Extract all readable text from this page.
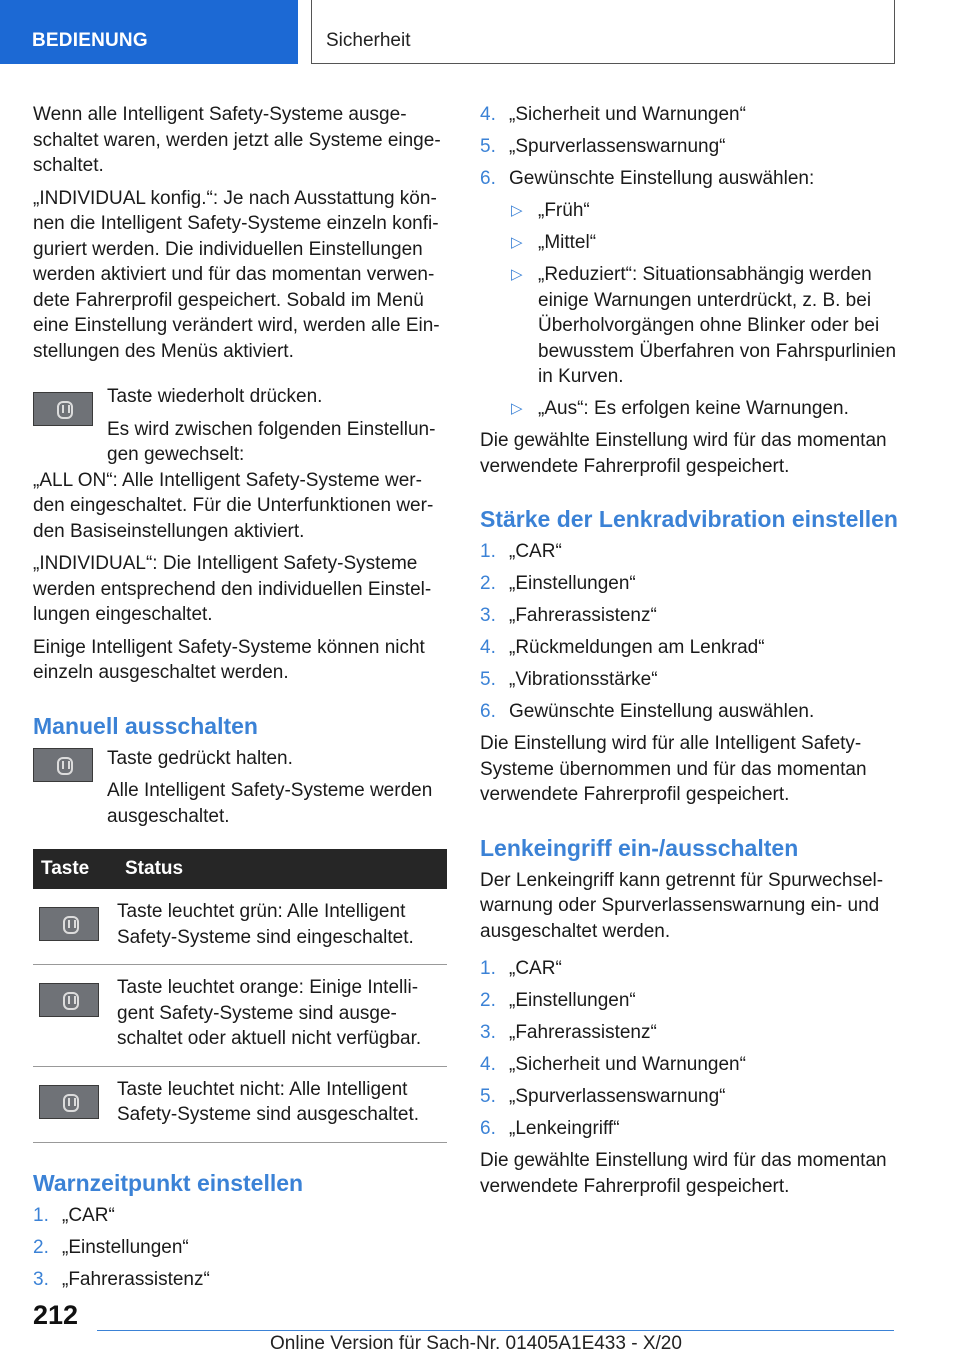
BEDIENUNG	Sicherheit

Wenn alle Intelligent Safety-Systeme ausgeschaltet waren, werden jetzt alle Systeme eingeschaltet.

„INDIVIDUAL konfig.“: Je nach Ausstattung können die Intelligent Safety-Systeme einzeln konfiguriert werden. Die individuellen Einstellungen werden aktiviert und für das momentan verwendete Fahrerprofil gespeichert. Sobald im Menü eine Einstellung verändert wird, werden alle Einstellungen des Menüs aktiviert.

Taste wiederholt drücken.

Es wird zwischen folgenden Einstellungen gewechselt:

„ALL ON“: Alle Intelligent Safety-Systeme werden eingeschaltet. Für die Unterfunktionen werden Basiseinstellungen aktiviert.

„INDIVIDUAL“: Die Intelligent Safety-Systeme werden entsprechend den individuellen Einstellungen eingeschaltet.

Einige Intelligent Safety-Systeme können nicht einzeln ausgeschaltet werden.

Manuell ausschalten

Taste gedrückt halten.

Alle Intelligent Safety-Systeme werden ausgeschaltet.

Taste	Status

	Taste leuchtet grün: Alle Intelligent Safety-Systeme sind eingeschaltet.

	Taste leuchtet orange: Einige Intelligent Safety-Systeme sind ausgeschaltet oder aktuell nicht verfügbar.

	Taste leuchtet nicht: Alle Intelligent Safety-Systeme sind ausgeschaltet.
Warnzeitpunkt einstellen
1. „CAR“
2. „Einstellungen“
3. „Fahrerassistenz“
4. „Sicherheit und Warnungen“
5. „Spurverlassenswarnung“
6. Gewünschte Einstellung auswählen:
▷ „Früh“
▷ „Mittel“
▷ „Reduziert“: Situationsabhängig werden einige Warnungen unterdrückt, z. B. bei Überholvorgängen ohne Blinker oder bei bewusstem Überfahren von Fahrspurlinien in Kurven.
▷ „Aus“: Es erfolgen keine Warnungen.

Die gewählte Einstellung wird für das momentan verwendete Fahrerprofil gespeichert.

Stärke der Lenkradvibration einstellen
1. „CAR“
2. „Einstellungen“
3. „Fahrerassistenz“
4. „Rückmeldungen am Lenkrad“
5. „Vibrationsstärke“
6. Gewünschte Einstellung auswählen.

Die Einstellung wird für alle Intelligent Safety-Systeme übernommen und für das momentan verwendete Fahrerprofil gespeichert.

Lenkeingriff ein-/ausschalten

Der Lenkeingriff kann getrennt für Spurwechselwarnung oder Spurverlassenswarnung ein- und ausgeschaltet werden.

1. „CAR“
2. „Einstellungen“
3. „Fahrerassistenz“
4. „Sicherheit und Warnungen“
5. „Spurverlassenswarnung“
6. „Lenkeingriff“

Die gewählte Einstellung wird für das momentan verwendete Fahrerprofil gespeichert.

212
Online Version für Sach-Nr. 01405A1E433 - X/20
